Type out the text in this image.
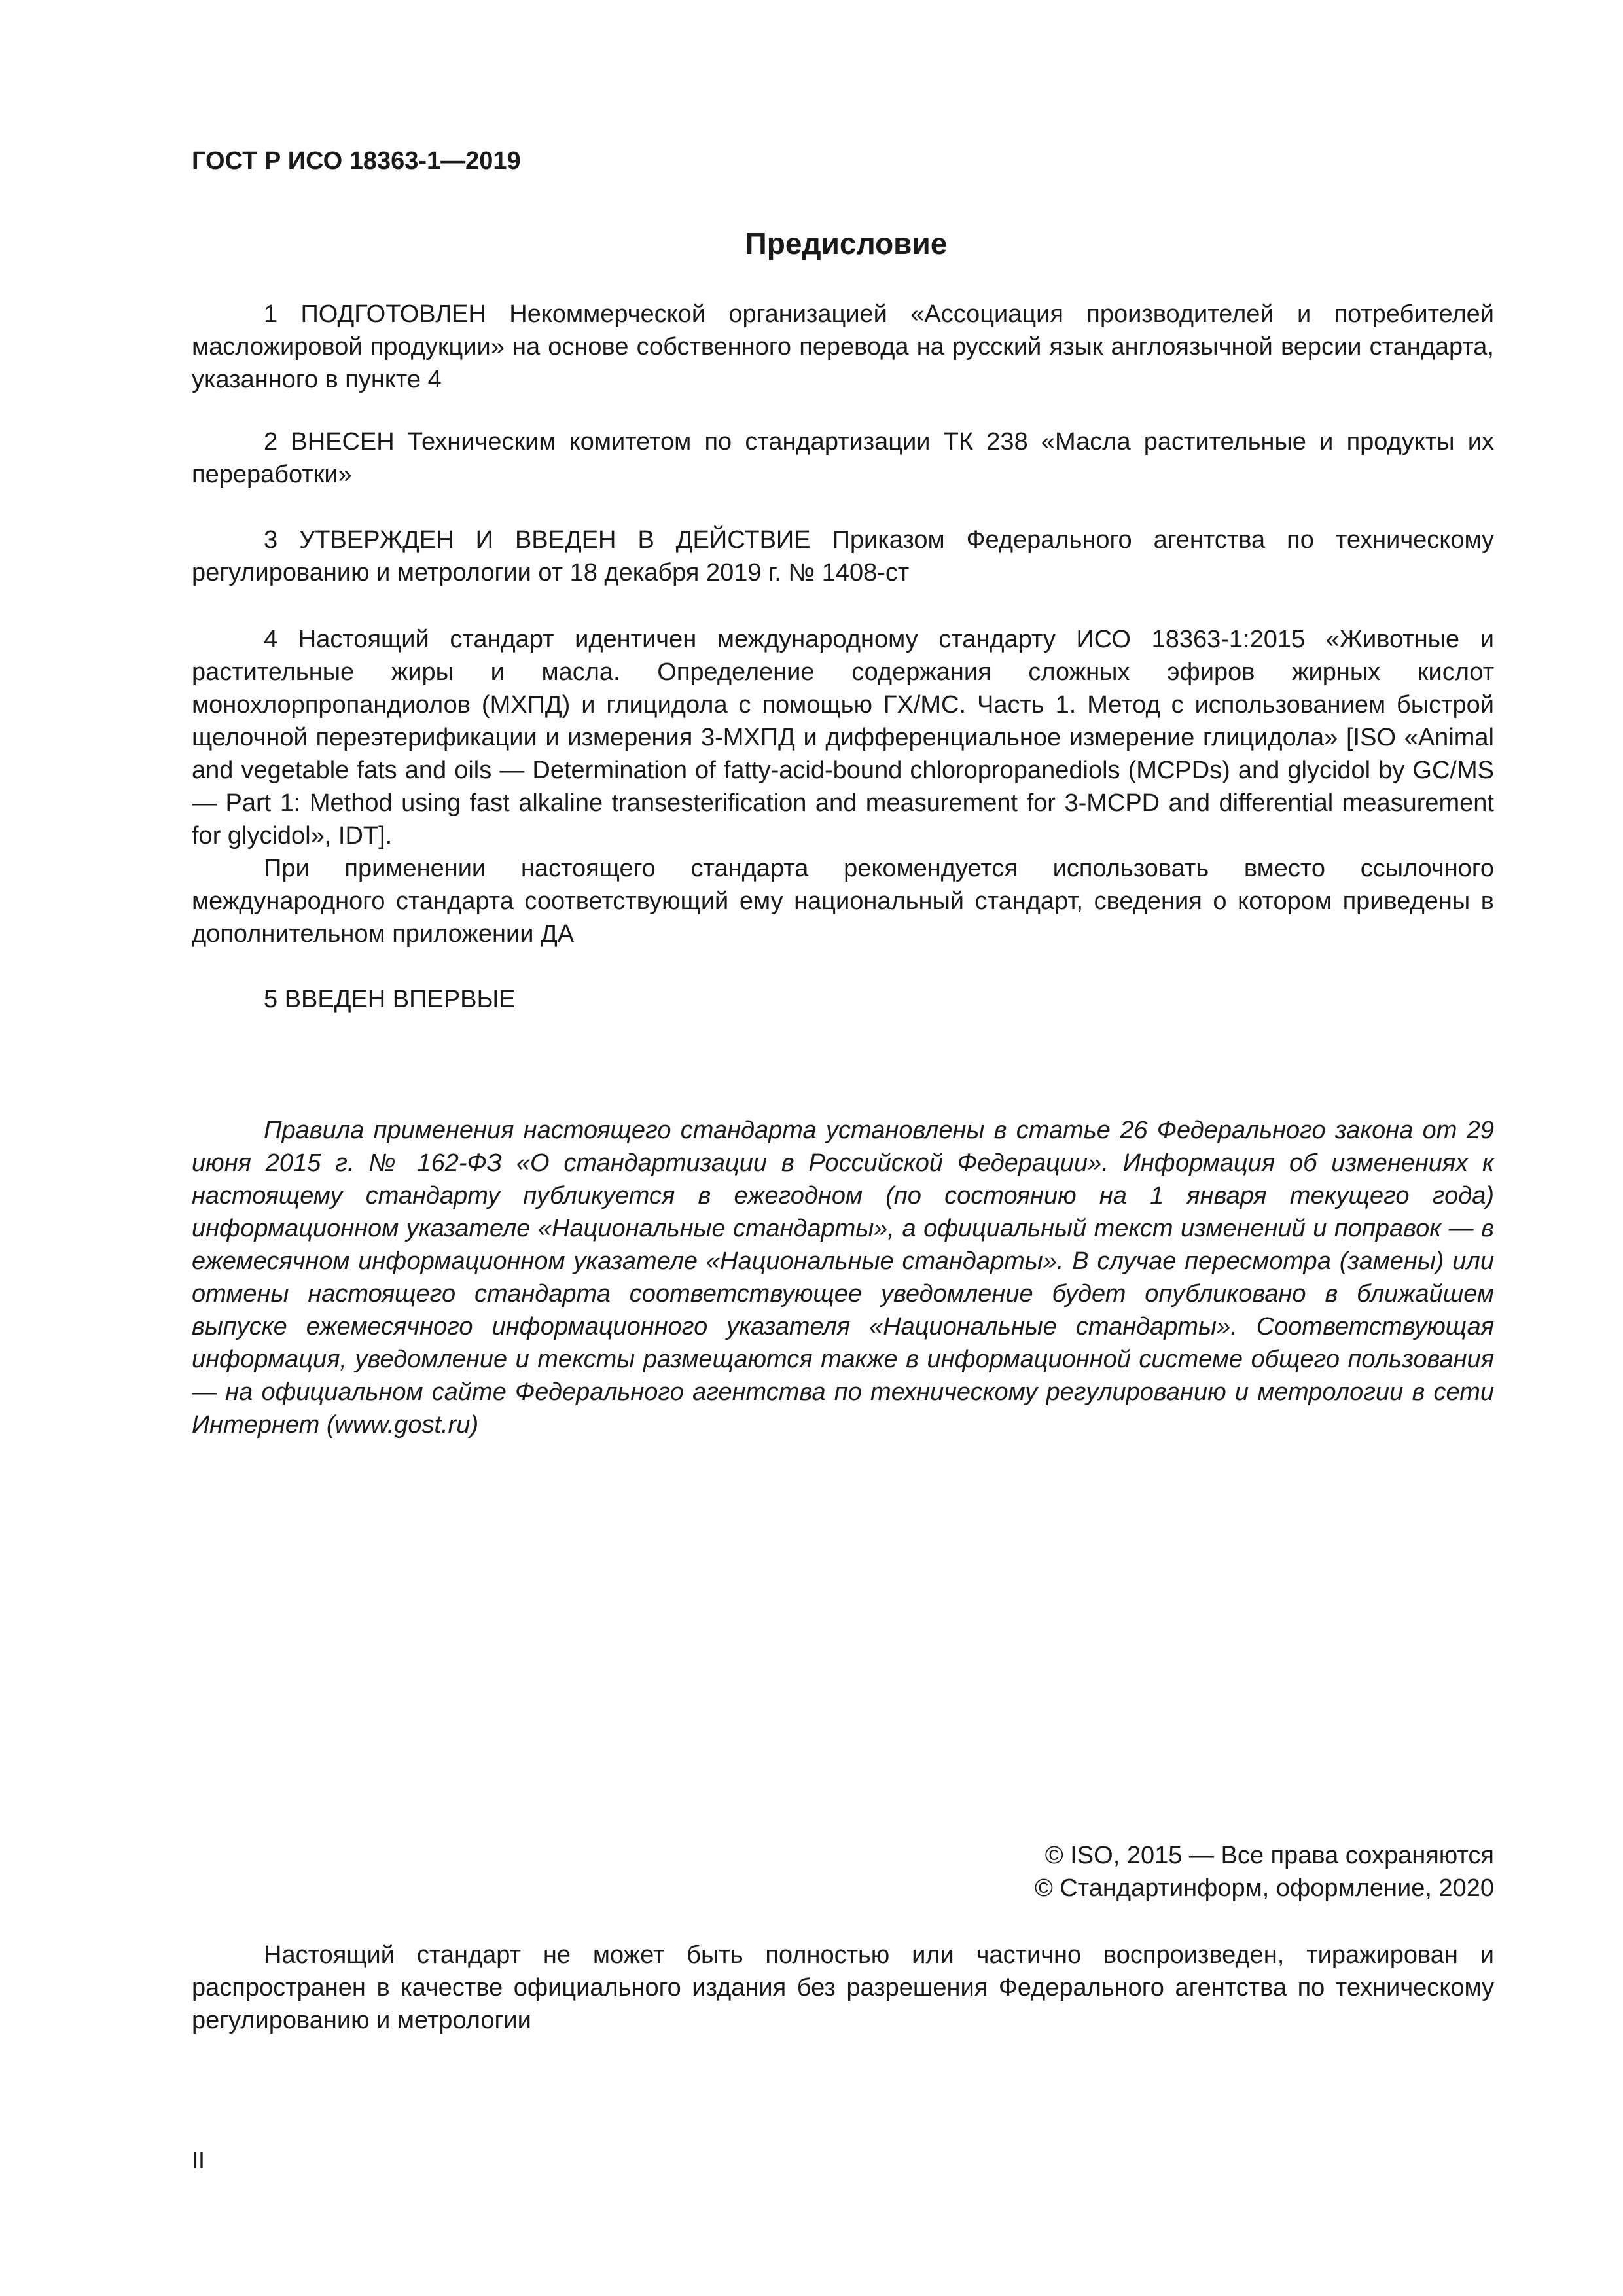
ГОСТ Р ИСО 18363-1—2019
Предисловие

1 ПОДГОТОВЛЕН Некоммерческой организацией «Ассоциация производителей и потребителей масложировой продукции» на основе собственного перевода на русский язык англоязычной версии стандарта, указанного в пункте 4

2 ВНЕСЕН Техническим комитетом по стандартизации ТК 238 «Масла растительные и продукты их переработки»

3 УТВЕРЖДЕН И ВВЕДЕН В ДЕЙСТВИЕ Приказом Федерального агентства по техническому регулированию и метрологии от 18 декабря 2019 г. № 1408-ст

4 Настоящий стандарт идентичен международному стандарту ИСО 18363-1:2015 «Животные и растительные жиры и масла. Определение содержания сложных эфиров жирных кислот монохлорпропандиолов (МХПД) и глицидола с помощью ГХ/МС. Часть 1. Метод с использованием быстрой щелочной переэтерификации и измерения 3-МХПД и дифференциальное измерение глицидола» [ISO «Animal and vegetable fats and oils — Determination of fatty-acid-bound chloropropanediols (MCPDs) and glycidol by GC/MS — Part 1: Method using fast alkaline transesterification and measurement for 3-MCPD and differential measurement for glycidol», IDT].

При применении настоящего стандарта рекомендуется использовать вместо ссылочного международного стандарта соответствующий ему национальный стандарт, сведения о котором приведены в дополнительном приложении ДА

5 ВВЕДЕН ВПЕРВЫЕ

Правила применения настоящего стандарта установлены в статье 26 Федерального закона от 29 июня 2015 г. № 162-ФЗ «О стандартизации в Российской Федерации». Информация об изменениях к настоящему стандарту публикуется в ежегодном (по состоянию на 1 января текущего года) информационном указателе «Национальные стандарты», а официальный текст изменений и поправок — в ежемесячном информационном указателе «Национальные стандарты». В случае пересмотра (замены) или отмены настоящего стандарта соответствующее уведомление будет опубликовано в ближайшем выпуске ежемесячного информационного указателя «Национальные стандарты». Соответствующая информация, уведомление и тексты размещаются также в информационной системе общего пользования — на официальном сайте Федерального агентства по техническому регулированию и метрологии в сети Интернет (www.gost.ru)

© ISO, 2015 — Все права сохраняются
© Стандартинформ, оформление, 2020

Настоящий стандарт не может быть полностью или частично воспроизведен, тиражирован и распространен в качестве официального издания без разрешения Федерального агентства по техническому регулированию и метрологии

II
